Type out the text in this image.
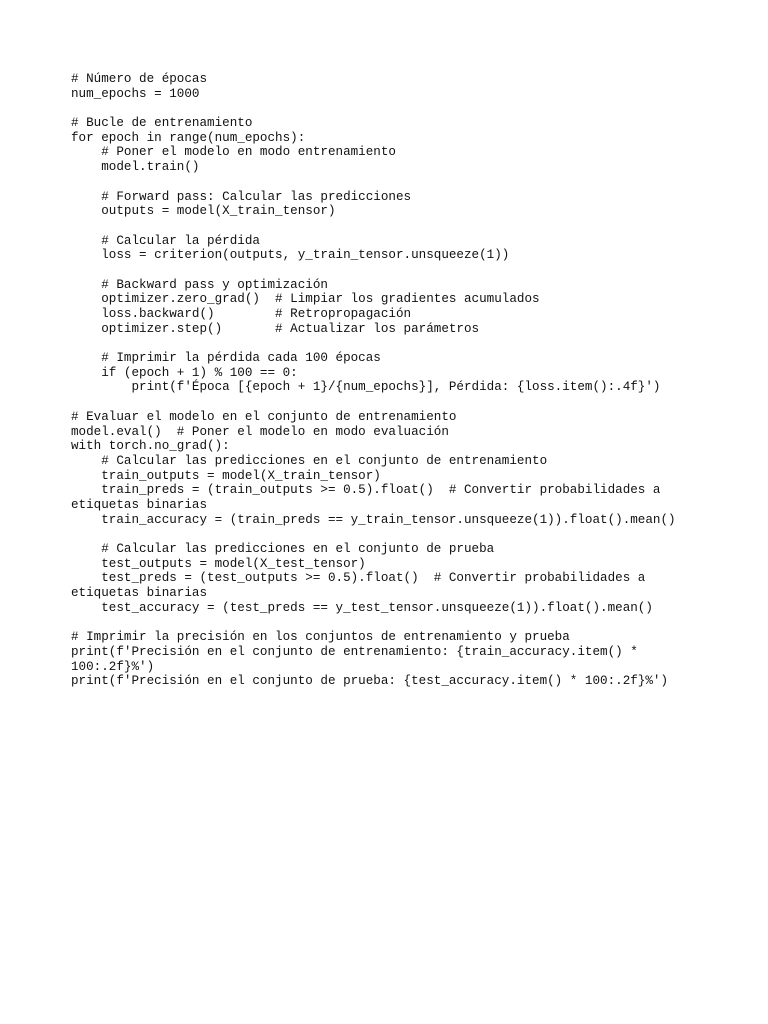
# Número de épocas
num_epochs = 1000
# Bucle de entrenamiento
for epoch in range(num_epochs):
# Poner el modelo en modo entrenamiento
model.train()
# Forward pass: Calcular las predicciones
outputs = model(X_train_tensor)
# Calcular la pérdida
loss = criterion(outputs, y_train_tensor.unsqueeze(1))
# Backward pass y optimización
optimizer.zero_grad()  # Limpiar los gradientes acumulados
loss.backward()        # Retropropagación
optimizer.step()       # Actualizar los parámetros
# Imprimir la pérdida cada 100 épocas
if (epoch + 1) % 100 == 0:
print(f'Época [{epoch + 1}/{num_epochs}], Pérdida: {loss.item():.4f}')
# Evaluar el modelo en el conjunto de entrenamiento
model.eval()  # Poner el modelo en modo evaluación
with torch.no_grad():
# Calcular las predicciones en el conjunto de entrenamiento
train_outputs = model(X_train_tensor)
train_preds = (train_outputs >= 0.5).float()  # Convertir probabilidades a
etiquetas binarias
train_accuracy = (train_preds == y_train_tensor.unsqueeze(1)).float().mean()
# Calcular las predicciones en el conjunto de prueba
test_outputs = model(X_test_tensor)
test_preds = (test_outputs >= 0.5).float()  # Convertir probabilidades a
etiquetas binarias
test_accuracy = (test_preds == y_test_tensor.unsqueeze(1)).float().mean()
# Imprimir la precisión en los conjuntos de entrenamiento y prueba
print(f'Precisión en el conjunto de entrenamiento: {train_accuracy.item() *
100:.2f}%')
print(f'Precisión en el conjunto de prueba: {test_accuracy.item() * 100:.2f}%')
